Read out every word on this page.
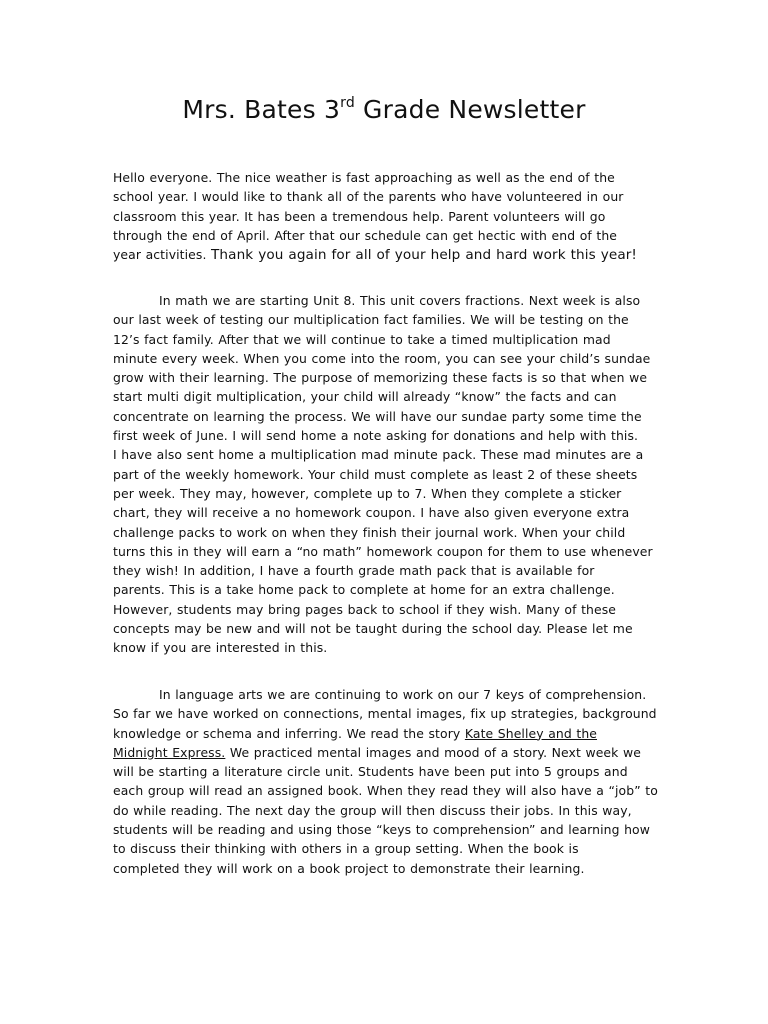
Mrs. Bates 3rd Grade Newsletter

Hello everyone. The nice weather is fast approaching as well as the end of the
school year. I would like to thank all of the parents who have volunteered in our
classroom this year. It has been a tremendous help. Parent volunteers will go
through the end of April. After that our schedule can get hectic with end of the
year activities. Thank you again for all of your help and hard work this year!

In math we are starting Unit 8. This unit covers fractions. Next week is also
our last week of testing our multiplication fact families. We will be testing on the
12’s fact family. After that we will continue to take a timed multiplication mad
minute every week. When you come into the room, you can see your child’s sundae
grow with their learning. The purpose of memorizing these facts is so that when we
start multi digit multiplication, your child will already “know” the facts and can
concentrate on learning the process. We will have our sundae party some time the
first week of June. I will send home a note asking for donations and help with this.
I have also sent home a multiplication mad minute pack. These mad minutes are a
part of the weekly homework. Your child must complete as least 2 of these sheets
per week. They may, however, complete up to 7. When they complete a sticker
chart, they will receive a no homework coupon. I have also given everyone extra
challenge packs to work on when they finish their journal work. When your child
turns this in they will earn a “no math” homework coupon for them to use whenever
they wish! In addition, I have a fourth grade math pack that is available for
parents. This is a take home pack to complete at home for an extra challenge.
However, students may bring pages back to school if they wish. Many of these
concepts may be new and will not be taught during the school day. Please let me
know if you are interested in this.

In language arts we are continuing to work on our 7 keys of comprehension.
So far we have worked on connections, mental images, fix up strategies, background
knowledge or schema and inferring. We read the story Kate Shelley and the
Midnight Express. We practiced mental images and mood of a story. Next week we
will be starting a literature circle unit. Students have been put into 5 groups and
each group will read an assigned book. When they read they will also have a “job” to
do while reading. The next day the group will then discuss their jobs. In this way,
students will be reading and using those “keys to comprehension” and learning how
to discuss their thinking with others in a group setting. When the book is
completed they will work on a book project to demonstrate their learning.
